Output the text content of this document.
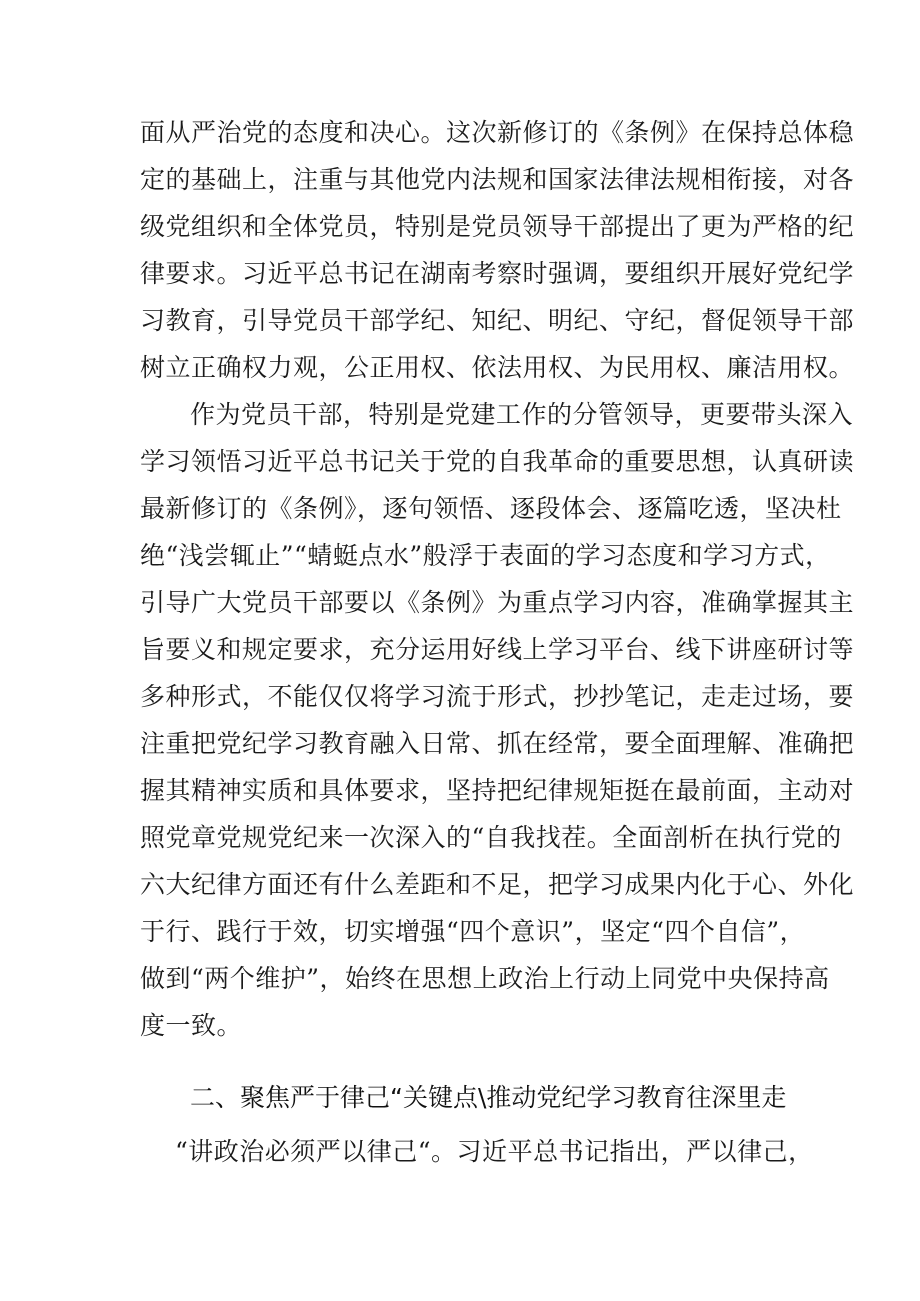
面从严治党的态度和决心。这次新修订的《条例》在保持总体稳
定的基础上，注重与其他党内法规和国家法律法规相衔接，对各
级党组织和全体党员，特别是党员领导干部提出了更为严格的纪
律要求。习近平总书记在湖南考察时强调，要组织开展好党纪学
习教育，引导党员干部学纪、知纪、明纪、守纪，督促领导干部
树立正确权力观，公正用权、依法用权、为民用权、廉洁用权。
作为党员干部，特别是党建工作的分管领导，更要带头深入
学习领悟习近平总书记关于党的自我革命的重要思想，认真研读
最新修订的《条例》，逐句领悟、逐段体会、逐篇吃透，坚决杜
绝“浅尝辄止”“蜻蜓点水”般浮于表面的学习态度和学习方式，
引导广大党员干部要以《条例》为重点学习内容，准确掌握其主
旨要义和规定要求，充分运用好线上学习平台、线下讲座研讨等
多种形式，不能仅仅将学习流于形式，抄抄笔记，走走过场，要
注重把党纪学习教育融入日常、抓在经常，要全面理解、准确把
握其精神实质和具体要求，坚持把纪律规矩挺在最前面，主动对
照党章党规党纪来一次深入的“自我找茬。全面剖析在执行党的
六大纪律方面还有什么差距和不足，把学习成果内化于心、外化
于行、践行于效，切实增强“四个意识”，坚定“四个自信”，
做到“两个维护”，始终在思想上政治上行动上同党中央保持高
度一致。
二、聚焦严于律己“关键点\推动党纪学习教育往深里走
“讲政治必须严以律己“。习近平总书记指出，严以律己，
